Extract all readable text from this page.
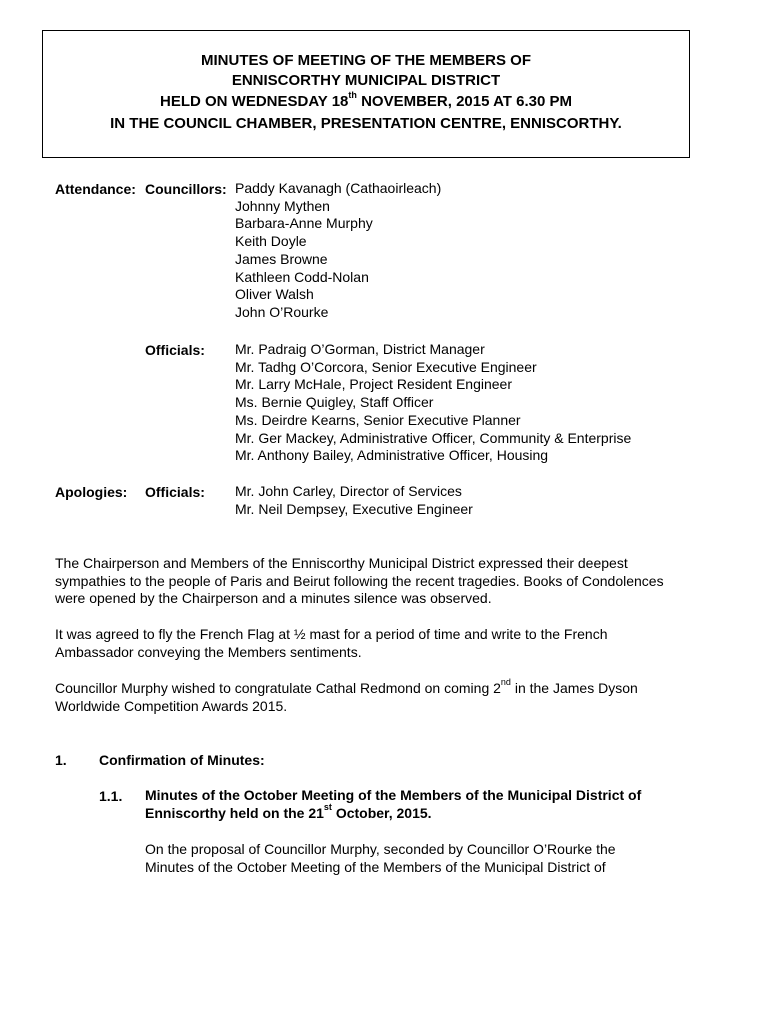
MINUTES OF MEETING OF THE MEMBERS OF
ENNISCORTHY MUNICIPAL DISTRICT
HELD ON WEDNESDAY 18th NOVEMBER, 2015 AT 6.30 PM
IN THE COUNCIL CHAMBER, PRESENTATION CENTRE, ENNISCORTHY.
Attendance: Councillors: Paddy Kavanagh (Cathaoirleach)
Johnny Mythen
Barbara-Anne Murphy
Keith Doyle
James Browne
Kathleen Codd-Nolan
Oliver Walsh
John O’Rourke
Officials: Mr. Padraig O’Gorman, District Manager
Mr. Tadhg O’Corcora, Senior Executive Engineer
Mr. Larry McHale, Project Resident Engineer
Ms. Bernie Quigley, Staff Officer
Ms. Deirdre Kearns, Senior Executive Planner
Mr. Ger Mackey, Administrative Officer, Community & Enterprise
Mr. Anthony Bailey, Administrative Officer, Housing
Apologies: Officials: Mr. John Carley, Director of Services
Mr. Neil Dempsey, Executive Engineer
The Chairperson and Members of the Enniscorthy Municipal District expressed their deepest
sympathies to the people of Paris and Beirut following the recent tragedies. Books of Condolences
were opened by the Chairperson and a minutes silence was observed.
It was agreed to fly the French Flag at ½ mast for a period of time and write to the French
Ambassador conveying the Members sentiments.
Councillor Murphy wished to congratulate Cathal Redmond on coming 2nd in the James Dyson
Worldwide Competition Awards 2015.
1. Confirmation of Minutes:
1.1. Minutes of the October Meeting of the Members of the Municipal District of
Enniscorthy held on the 21st October, 2015.
On the proposal of Councillor Murphy, seconded by Councillor O’Rourke the
Minutes of the October Meeting of the Members of the Municipal District of
